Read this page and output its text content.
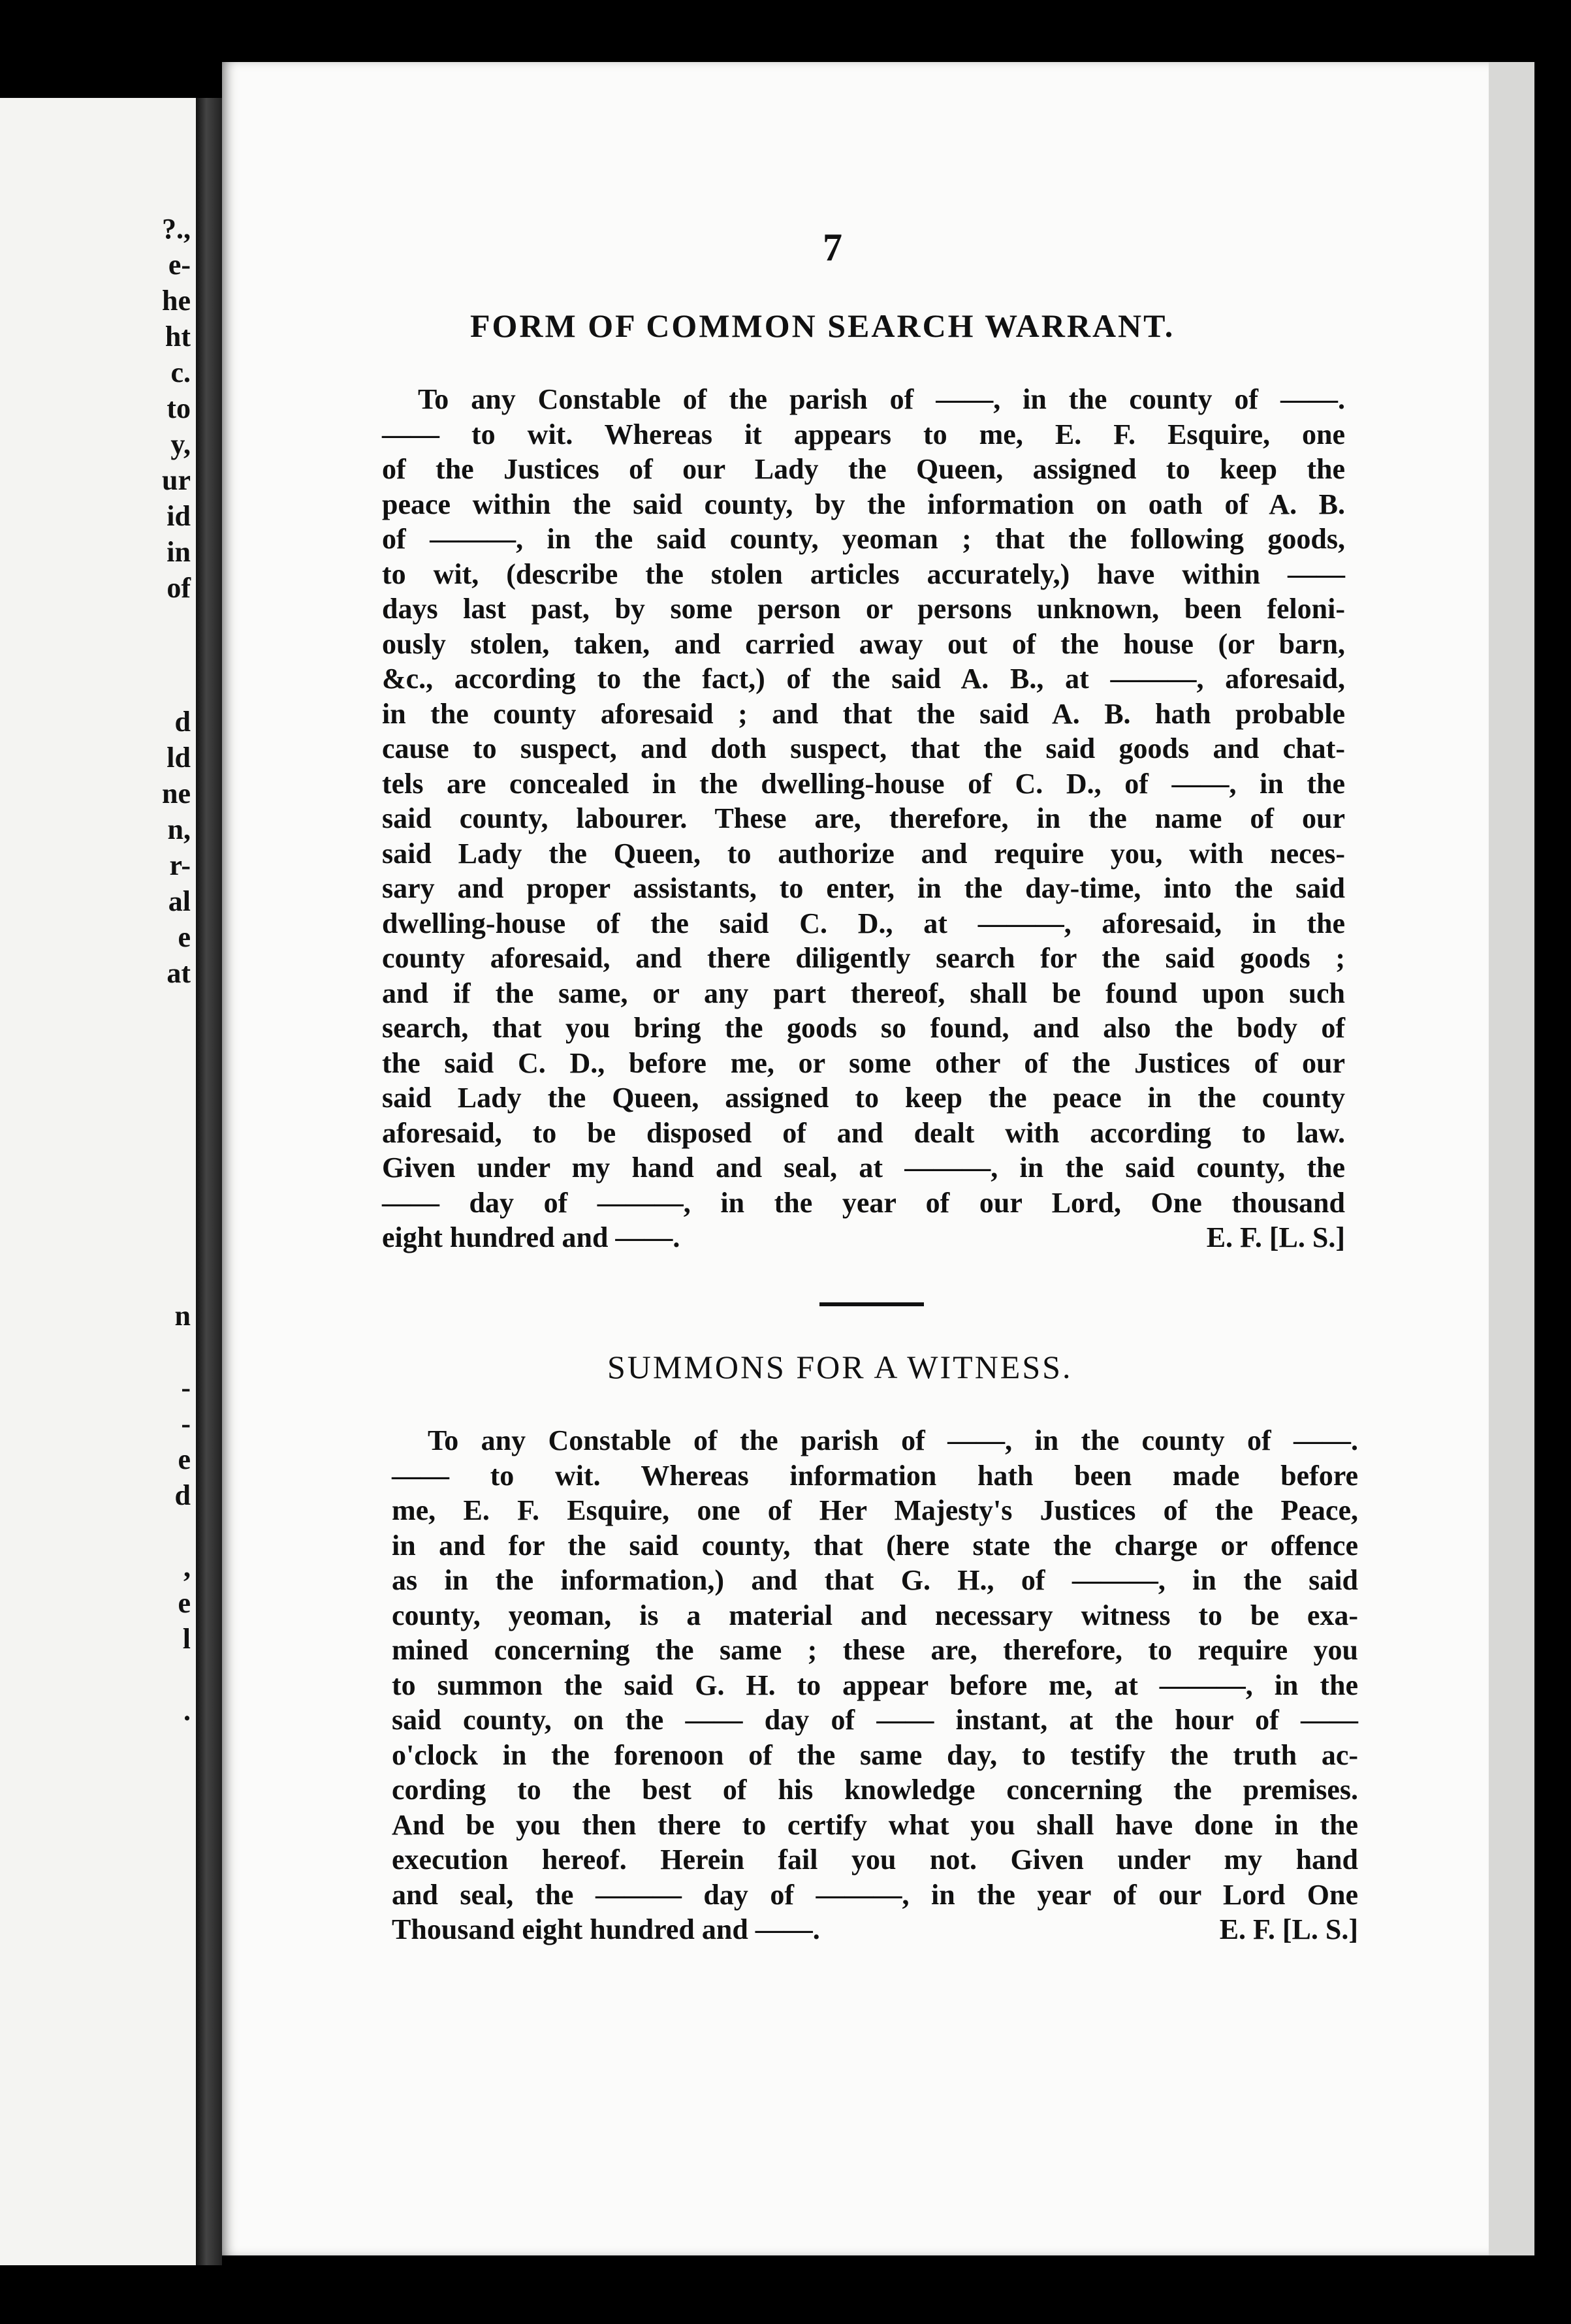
?.,
e-
he
ht
c.
to
y,
ur
id
in
of
d
ld
ne
n,
r-
al
e
at
n
-
-
e
d
,
e
l
.
7
FORM OF COMMON SEARCH WARRANT.
To any Constable of the parish of ——, in the county of ——.
—— to wit. Whereas it appears to me, E. F. Esquire, one
of the Justices of our Lady the Queen, assigned to keep the
peace within the said county, by the information on oath of A. B.
of ———, in the said county, yeoman ; that the following goods,
to wit, (describe the stolen articles accurately,) have within ——
days last past, by some person or persons unknown, been feloni-
ously stolen, taken, and carried away out of the house (or barn,
&c., according to the fact,) of the said A. B., at ———, aforesaid,
in the county aforesaid ; and that the said A. B. hath probable
cause to suspect, and doth suspect, that the said goods and chat-
tels are concealed in the dwelling-house of C. D., of ——, in the
said county, labourer. These are, therefore, in the name of our
said Lady the Queen, to authorize and require you, with neces-
sary and proper assistants, to enter, in the day-time, into the said
dwelling-house of the said C. D., at ———, aforesaid, in the
county aforesaid, and there diligently search for the said goods ;
and if the same, or any part thereof, shall be found upon such
search, that you bring the goods so found, and also the body of
the said C. D., before me, or some other of the Justices of our
said Lady the Queen, assigned to keep the peace in the county
aforesaid, to be disposed of and dealt with according to law.
Given under my hand and seal, at ———, in the said county, the
—— day of ———, in the year of our Lord, One thousand
eight hundred and ——.	E. F. [L. S.]
SUMMONS FOR A WITNESS.
To any Constable of the parish of ——, in the county of ——.
—— to wit. Whereas information hath been made before
me, E. F. Esquire, one of Her Majesty's Justices of the Peace,
in and for the said county, that (here state the charge or offence
as in the information,) and that G. H., of ———, in the said
county, yeoman, is a material and necessary witness to be exa-
mined concerning the same ; these are, therefore, to require you
to summon the said G. H. to appear before me, at ———, in the
said county, on the —— day of —— instant, at the hour of ——
o'clock in the forenoon of the same day, to testify the truth ac-
cording to the best of his knowledge concerning the premises.
And be you then there to certify what you shall have done in the
execution hereof. Herein fail you not. Given under my hand
and seal, the ——— day of ———, in the year of our Lord One
Thousand eight hundred and ——.	E. F. [L. S.]
